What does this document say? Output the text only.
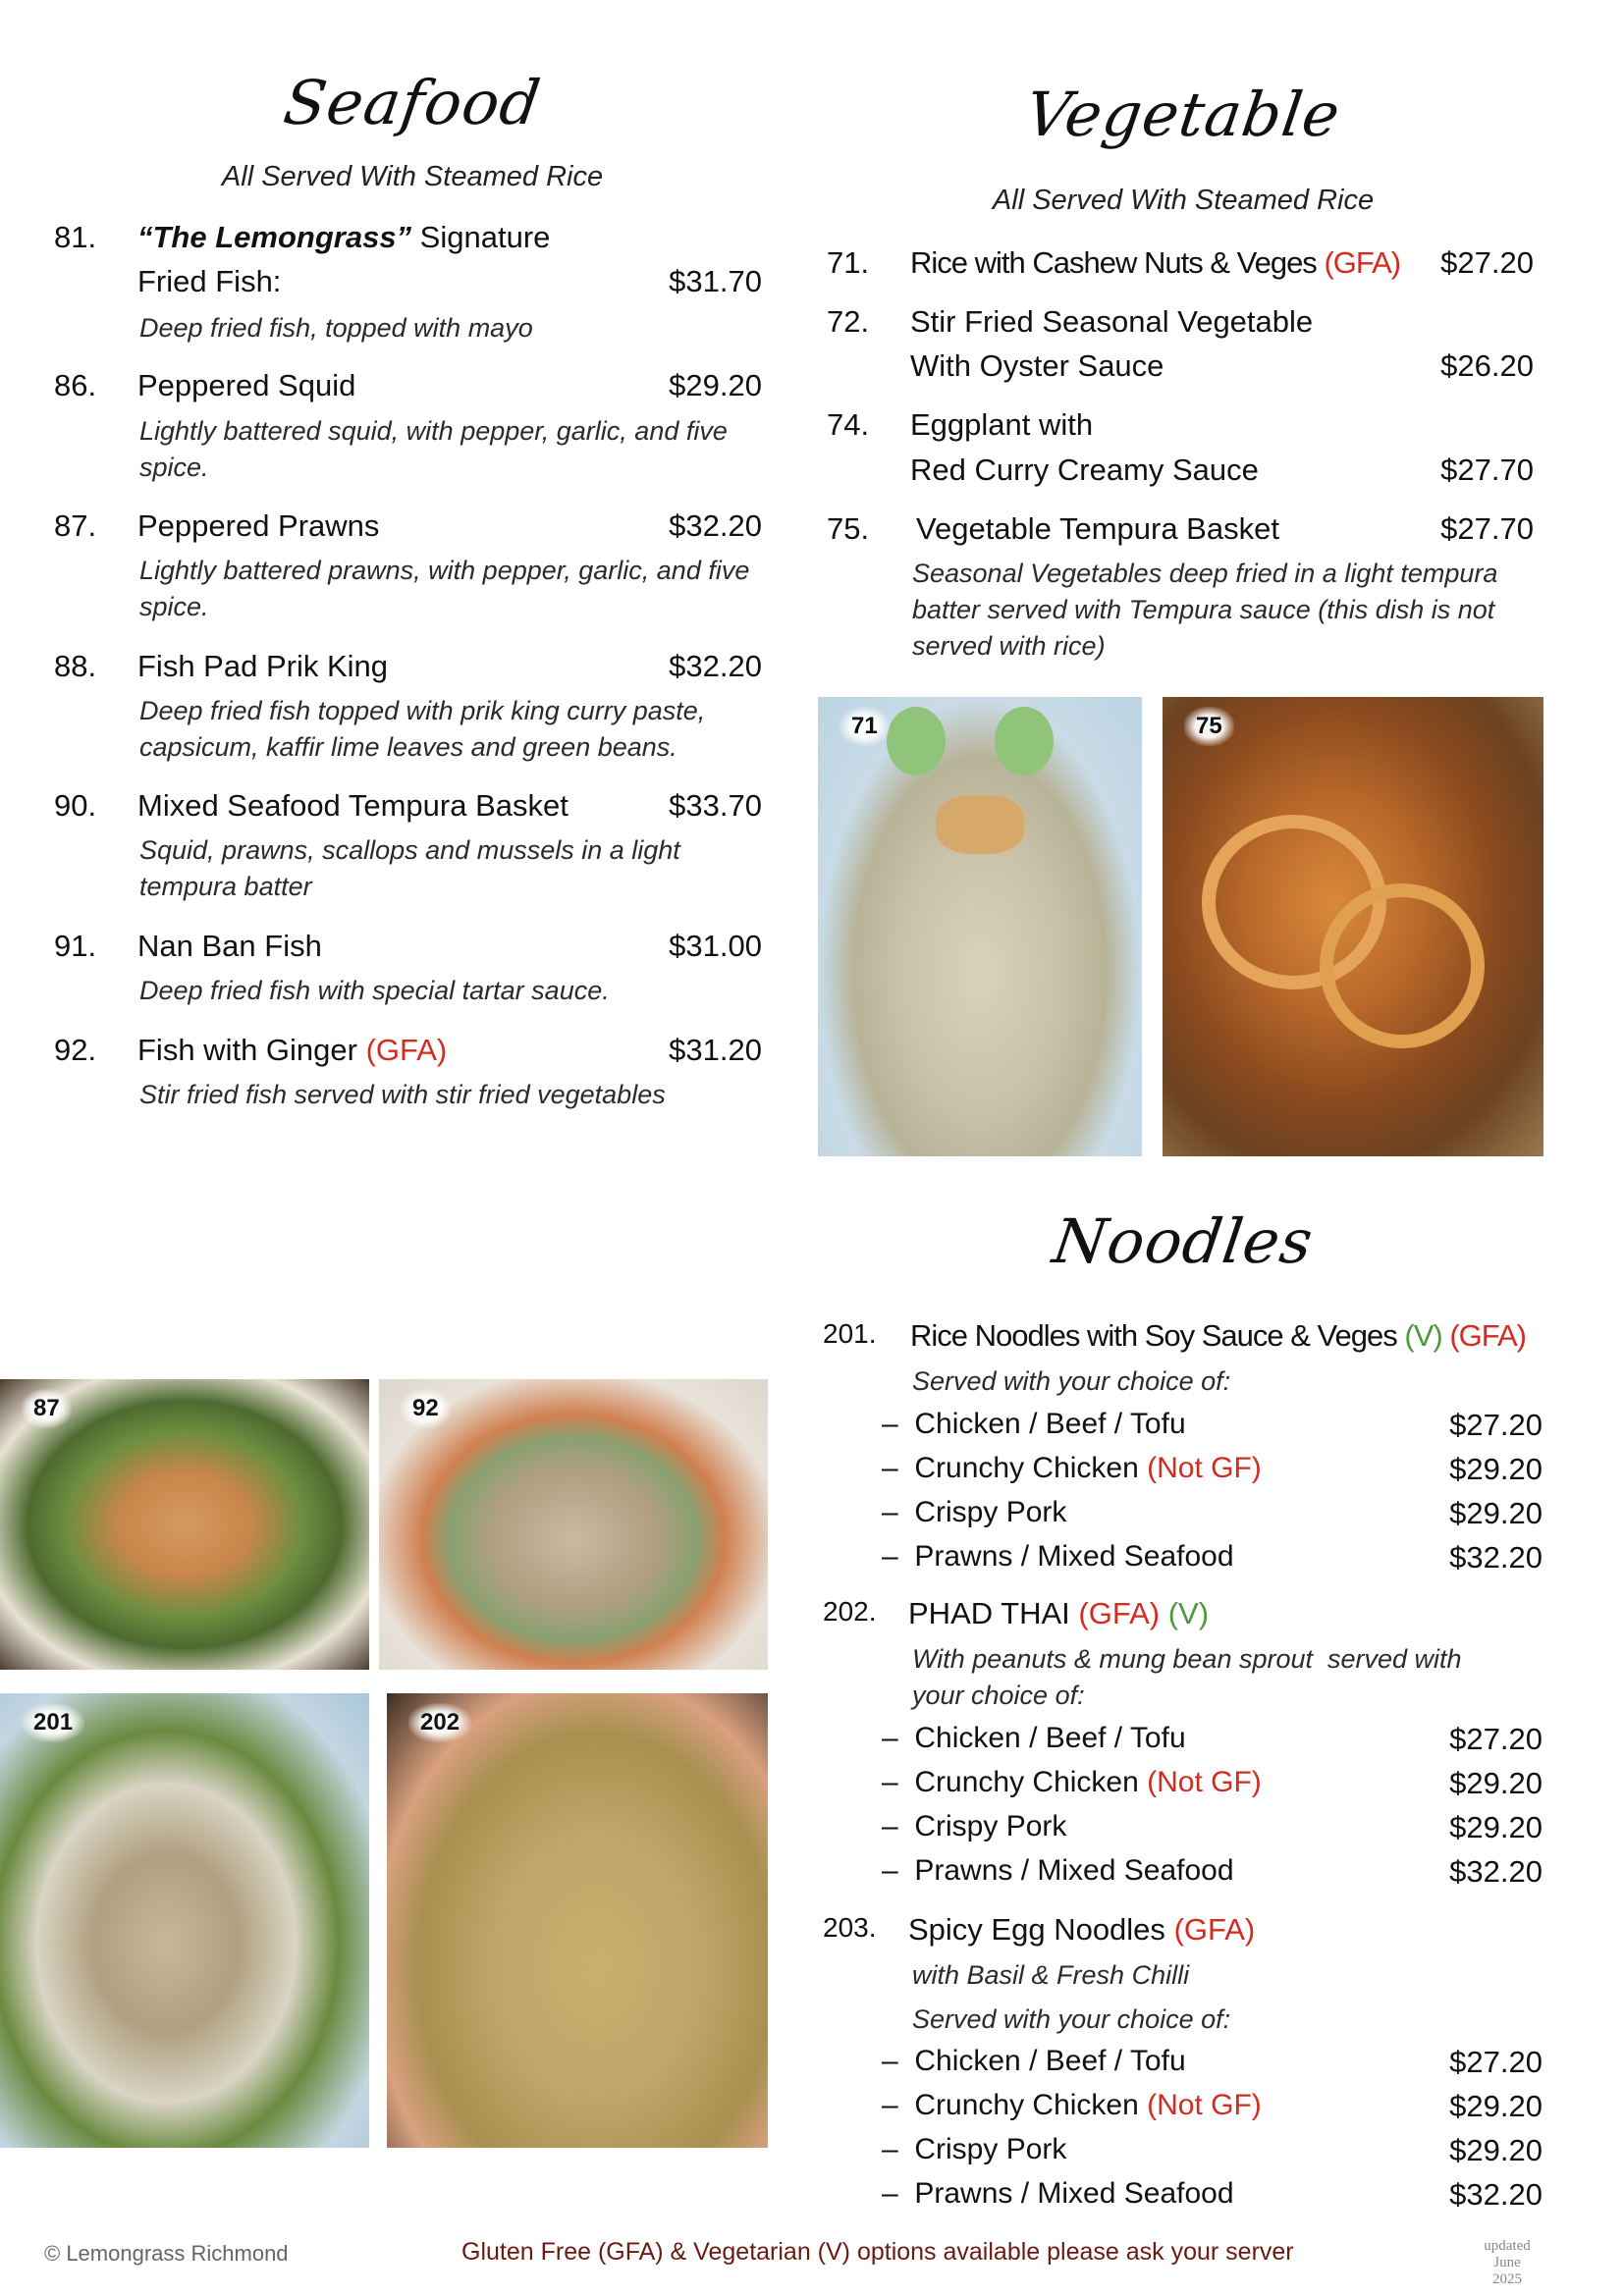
Seafood
All Served With Steamed Rice
81. “The Lemongrass” Signature
Fried Fish:	$31.70
Deep fried fish, topped with mayo
86. Peppered Squid	$29.20
Lightly battered squid, with pepper, garlic, and five spice.
87. Peppered Prawns	$32.20
Lightly battered prawns, with pepper, garlic, and five spice.
88. Fish Pad Prik King	$32.20
Deep fried fish topped with prik king curry paste, capsicum, kaffir lime leaves and green beans.
90. Mixed Seafood Tempura Basket	$33.70
Squid, prawns, scallops and mussels in a light tempura batter
91. Nan Ban Fish	$31.00
Deep fried fish with special tartar sauce.
92. Fish with Ginger (GFA)	$31.20
Stir fried fish served with stir fried vegetables
Vegetable
All Served With Steamed Rice
71. Rice with Cashew Nuts & Veges (GFA) $27.20
72. Stir Fried Seasonal Vegetable
With Oyster Sauce	$26.20
74. Eggplant with
Red Curry Creamy Sauce	$27.70
75. Vegetable Tempura Basket	$27.70
Seasonal Vegetables deep fried in a light tempura batter served with Tempura sauce (this dish is not served with rice)
71	75
87	92
201	202
Noodles
201. Rice Noodles with Soy Sauce & Veges (V) (GFA)
Served with your choice of:
–  Chicken / Beef / Tofu	$27.20
–  Crunchy Chicken (Not GF)	$29.20
–  Crispy Pork	$29.20
–  Prawns / Mixed Seafood	$32.20
202. PHAD THAI (GFA) (V)
With peanuts & mung bean sprout  served with your choice of:
–  Chicken / Beef / Tofu	$27.20
–  Crunchy Chicken (Not GF)	$29.20
–  Crispy Pork	$29.20
–  Prawns / Mixed Seafood	$32.20
203. Spicy Egg Noodles (GFA)
with Basil & Fresh Chilli
Served with your choice of:
–  Chicken / Beef / Tofu	$27.20
–  Crunchy Chicken (Not GF)	$29.20
–  Crispy Pork	$29.20
–  Prawns / Mixed Seafood	$32.20
© Lemongrass Richmond	Gluten Free (GFA) & Vegetarian (V) options available please ask your server	updated
June
2025
